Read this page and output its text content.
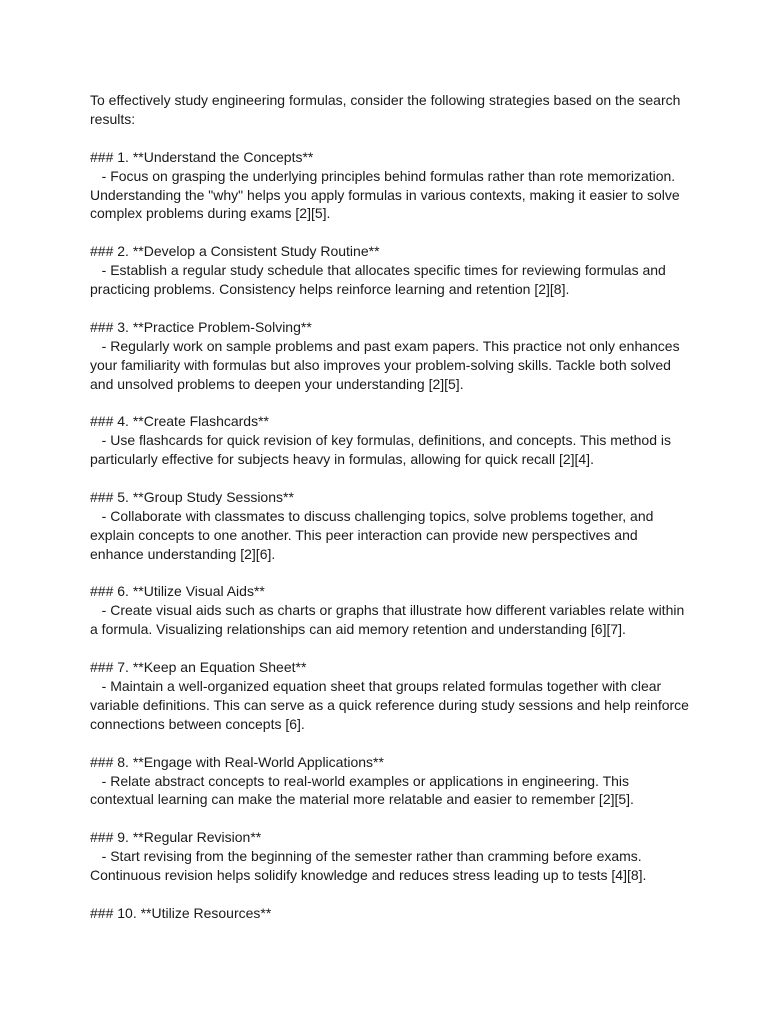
To effectively study engineering formulas, consider the following strategies based on the search results:

### 1. **Understand the Concepts**

- Focus on grasping the underlying principles behind formulas rather than rote memorization. Understanding the "why" helps you apply formulas in various contexts, making it easier to solve complex problems during exams [2][5].

### 2. **Develop a Consistent Study Routine**

- Establish a regular study schedule that allocates specific times for reviewing formulas and practicing problems. Consistency helps reinforce learning and retention [2][8].

### 3. **Practice Problem-Solving**

- Regularly work on sample problems and past exam papers. This practice not only enhances your familiarity with formulas but also improves your problem-solving skills. Tackle both solved and unsolved problems to deepen your understanding [2][5].

### 4. **Create Flashcards**

- Use flashcards for quick revision of key formulas, definitions, and concepts. This method is particularly effective for subjects heavy in formulas, allowing for quick recall [2][4].

### 5. **Group Study Sessions**

- Collaborate with classmates to discuss challenging topics, solve problems together, and explain concepts to one another. This peer interaction can provide new perspectives and enhance understanding [2][6].

### 6. **Utilize Visual Aids**

- Create visual aids such as charts or graphs that illustrate how different variables relate within a formula. Visualizing relationships can aid memory retention and understanding [6][7].

### 7. **Keep an Equation Sheet**

- Maintain a well-organized equation sheet that groups related formulas together with clear variable definitions. This can serve as a quick reference during study sessions and help reinforce connections between concepts [6].

### 8. **Engage with Real-World Applications**

- Relate abstract concepts to real-world examples or applications in engineering. This contextual learning can make the material more relatable and easier to remember [2][5].

### 9. **Regular Revision**

- Start revising from the beginning of the semester rather than cramming before exams. Continuous revision helps solidify knowledge and reduces stress leading up to tests [4][8].

### 10. **Utilize Resources**
